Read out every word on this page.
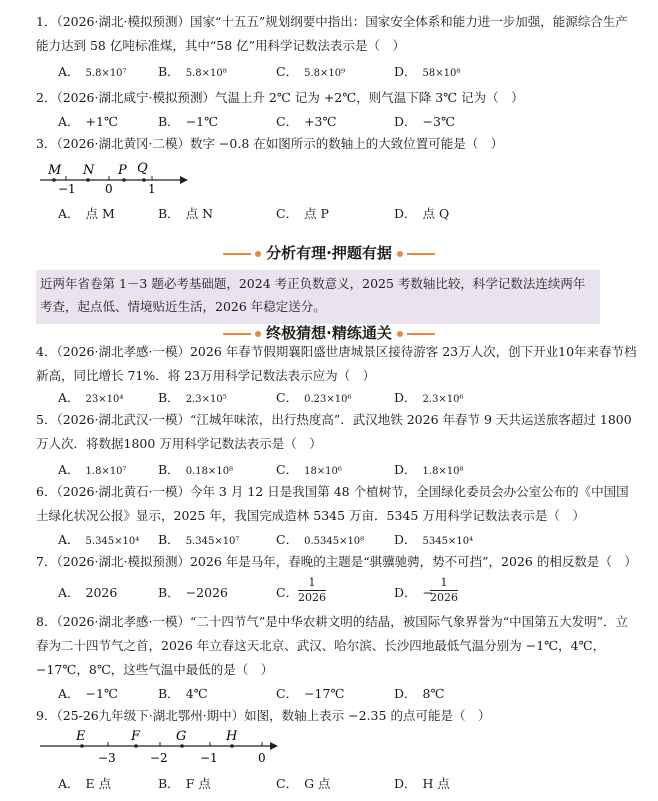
1．（2026·湖北·模拟预测）国家“十五五”规划纲要中指出：国家安全体系和能力进一步加强，能源综合生产能力达到 58 亿吨标准煤，其中“58 亿”用科学记数法表示是（　）
A． 5.8×10⁷	B． 5.8×10⁸	C． 5.8×10⁹	D． 58×10⁸
2．（2026·湖北咸宁·模拟预测）气温上升 2℃ 记为 +2℃，则气温下降 3℃ 记为（　）
A． +1℃	B． −1℃	C． +3℃	D． −3℃
3．（2026·湖北黄冈·二模）数字 −0.8 在如图所示的数轴上的大致位置可能是（　）
M N P Q
−1 0	1
A． 点 M	B． 点 N	C． 点 P	D． 点 Q
分析有理·押题有据
近两年省卷第 1－3 题必考基础题，2024 考正负数意义，2025 考数轴比较，科学记数法连续两年考查，起点低、情境贴近生活，2026 年稳定送分。
终极猜想·精练通关
4．（2026·湖北孝感·一模）2026 年春节假期襄阳盛世唐城景区接待游客 23万人次，创下开业10年来春节档新高，同比增长 71%．将 23万用科学记数法表示应为（　）
A． 23×10⁴	B． 2.3×10⁵	C． 0.23×10⁶	D． 2.3×10⁶
5．（2026·湖北武汉·一模）“江城年味浓，出行热度高”．武汉地铁 2026 年春节 9 天共运送旅客超过 1800 万人次．将数据1800 万用科学记数法表示是（　）
A． 1.8×10⁷	B． 0.18×10⁸	C． 18×10⁶	D． 1.8×10⁸
6．（2026·湖北黄石·一模）今年 3 月 12 日是我国第 48 个植树节，全国绿化委员会办公室公布的《中国国土绿化状况公报》显示，2025 年，我国完成造林 5345 万亩．5345 万用科学记数法表示是（　）
A． 5.345×10⁴ B． 5.345×10⁷	C． 0.5345×10⁸ D． 5345×10⁴
7．（2026·湖北·模拟预测）2026 年是马年，春晚的主题是“骐骥驰骋，势不可挡”，2026 的相反数是（　）
A． 2026	B． −2026	C．
1
2026	D． −
1
2026
8．（2026·湖北孝感·一模）“二十四节气”是中华农耕文明的结晶，被国际气象界誉为“中国第五大发明”．立春为二十四节气之首，2026 年立春这天北京、武汉、哈尔滨、长沙四地最低气温分别为 −1℃，4℃，−17℃，8℃，这些气温中最低的是（　）
A． −1℃	B． 4℃	C． −17℃	D． 8℃
9．（25-26九年级下·湖北鄂州·期中）如图，数轴上表示 −2.35 的点可能是（　）
E	F	G	H
−3	−2	−1	0
A． E 点	B． F 点	C． G 点	D． H 点
